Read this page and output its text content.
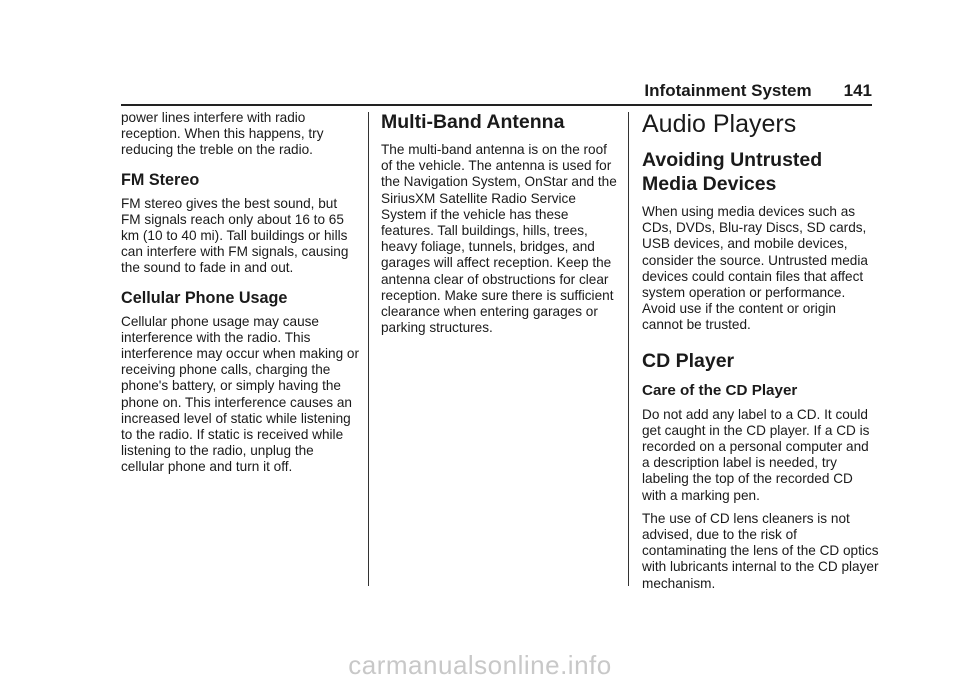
Infotainment System 141

power lines interfere with radio reception. When this happens, try reducing the treble on the radio.

FM Stereo

FM stereo gives the best sound, but FM signals reach only about 16 to 65 km (10 to 40 mi). Tall buildings or hills can interfere with FM signals, causing the sound to fade in and out.

Cellular Phone Usage

Cellular phone usage may cause interference with the radio. This interference may occur when making or receiving phone calls, charging the phone's battery, or simply having the phone on. This interference causes an increased level of static while listening to the radio. If static is received while listening to the radio, unplug the cellular phone and turn it off.

Multi-Band Antenna

The multi-band antenna is on the roof of the vehicle. The antenna is used for the Navigation System, OnStar and the SiriusXM Satellite Radio Service System if the vehicle has these features. Tall buildings, hills, trees, heavy foliage, tunnels, bridges, and garages will affect reception. Keep the antenna clear of obstructions for clear reception. Make sure there is sufficient clearance when entering garages or parking structures.

Audio Players
Avoiding Untrusted Media Devices

When using media devices such as CDs, DVDs, Blu-ray Discs, SD cards, USB devices, and mobile devices, consider the source. Untrusted media devices could contain files that affect system operation or performance. Avoid use if the content or origin cannot be trusted.

CD Player
Care of the CD Player

Do not add any label to a CD. It could get caught in the CD player. If a CD is recorded on a personal computer and a description label is needed, try labeling the top of the recorded CD with a marking pen.

The use of CD lens cleaners is not advised, due to the risk of contaminating the lens of the CD optics with lubricants internal to the CD player mechanism.

carmanualsonline.info
